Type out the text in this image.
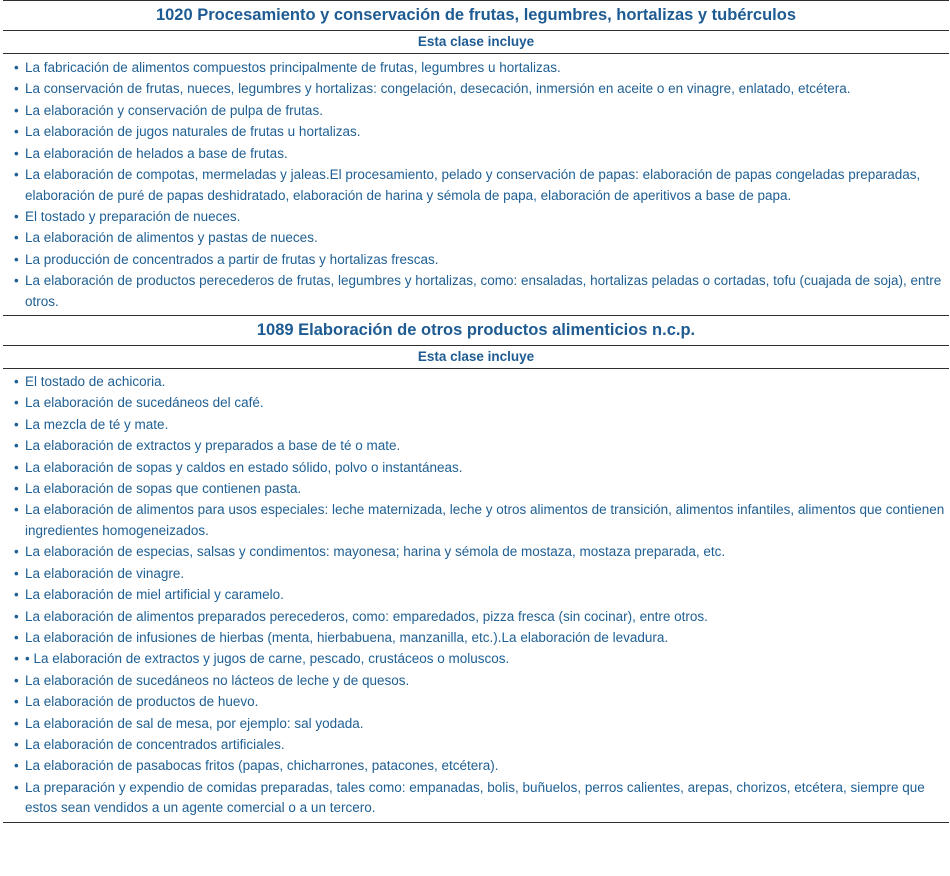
1020 Procesamiento y conservación de frutas, legumbres, hortalizas y tubérculos
Esta clase incluye
• La fabricación de alimentos compuestos principalmente de frutas, legumbres u hortalizas.
• La conservación de frutas, nueces, legumbres y hortalizas: congelación, desecación, inmersión en aceite o en vinagre, enlatado, etcétera.
• La elaboración y conservación de pulpa de frutas.
• La elaboración de jugos naturales de frutas u hortalizas.
• La elaboración de helados a base de frutas.
• La elaboración de compotas, mermeladas y jaleas.El procesamiento, pelado y conservación de papas: elaboración de papas congeladas preparadas, elaboración de puré de papas deshidratado, elaboración de harina y sémola de papa, elaboración de aperitivos a base de papa.
• El tostado y preparación de nueces.
• La elaboración de alimentos y pastas de nueces.
• La producción de concentrados a partir de frutas y hortalizas frescas.
• La elaboración de productos perecederos de frutas, legumbres y hortalizas, como: ensaladas, hortalizas peladas o cortadas, tofu (cuajada de soja), entre otros.
1089 Elaboración de otros productos alimenticios n.c.p.
Esta clase incluye
• El tostado de achicoria.
• La elaboración de sucedáneos del café.
• La mezcla de té y mate.
• La elaboración de extractos y preparados a base de té o mate.
• La elaboración de sopas y caldos en estado sólido, polvo o instantáneas.
• La elaboración de sopas que contienen pasta.
• La elaboración de alimentos para usos especiales: leche maternizada, leche y otros alimentos de transición, alimentos infantiles, alimentos que contienen ingredientes homogeneizados.
• La elaboración de especias, salsas y condimentos: mayonesa; harina y sémola de mostaza, mostaza preparada, etc.
• La elaboración de vinagre.
• La elaboración de miel artificial y caramelo.
• La elaboración de alimentos preparados perecederos, como: emparedados, pizza fresca (sin cocinar), entre otros.
• La elaboración de infusiones de hierbas (menta, hierbabuena, manzanilla, etc.).La elaboración de levadura.
• • La elaboración de extractos y jugos de carne, pescado, crustáceos o moluscos.
• La elaboración de sucedáneos no lácteos de leche y de quesos.
• La elaboración de productos de huevo.
• La elaboración de sal de mesa, por ejemplo: sal yodada.
• La elaboración de concentrados artificiales.
• La elaboración de pasabocas fritos (papas, chicharrones, patacones, etcétera).
• La preparación y expendio de comidas preparadas, tales como: empanadas, bolis, buñuelos, perros calientes, arepas, chorizos, etcétera, siempre que estos sean vendidos a un agente comercial o a un tercero.
